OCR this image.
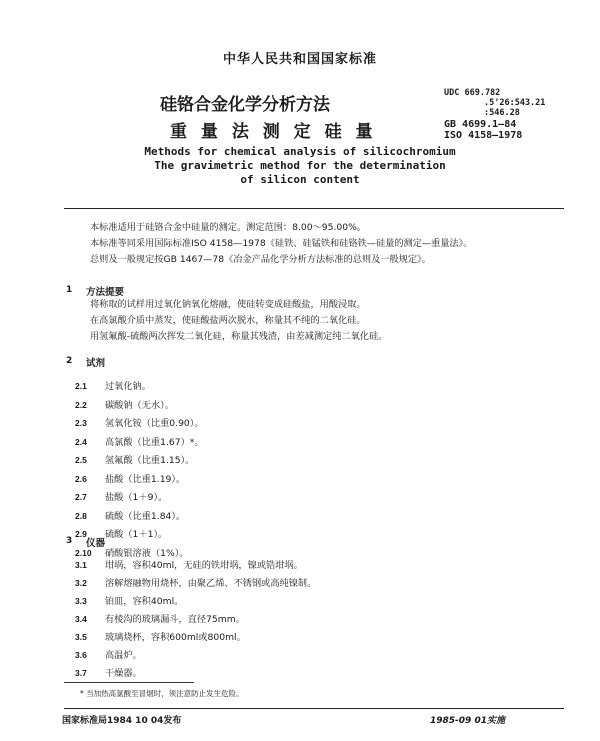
中华人民共和国国家标准
硅铬合金化学分析方法
重 量 法 测 定 硅 量
UDC 669.782
.5'26:543.21
:546.28
GB 4699.1—84
ISO 4158—1978
Methods for chemical analysis of silicochromium
The gravimetric method for the determination
of silicon content
本标准适用于硅铬合金中硅量的测定。测定范围：8.00～95.00%。
本标准等同采用国际标准ISO 4158—1978《硅铁、硅锰铁和硅铬铁—硅量的测定—重量法》。
总则及一般规定按GB 1467—78《冶金产品化学分析方法标准的总则及一般规定》。
1 方法提要
将称取的试样用过氧化钠氧化熔融，使硅转变成硅酸盐，用酸浸取。
在高氯酸介质中蒸发，使硅酸盐两次脱水，称量其不纯的二氧化硅。
用氢氟酸-硫酸两次挥发二氧化硅，称量其残渣，由差减测定纯二氧化硅。
2 试剂
2.1 过氧化钠。
2.2 碳酸钠（无水）。
2.3 氢氧化铵（比重0.90）。
2.4 高氯酸（比重1.67）*。
2.5 氢氟酸（比重1.15）。
2.6 盐酸（比重1.19）。
2.7 盐酸（1＋9）。
2.8 硫酸（比重1.84）。
2.9 硫酸（1＋1）。
2.10 硝酸银溶液（1%）。
3 仪器
3.1 坩埚，容积40ml，无硅的铁坩埚，镍或锆坩埚。
3.2 溶解熔融物用烧杯，由聚乙烯、不锈钢或高纯镍制。
3.3 铂皿，容积40ml。
3.4 有棱沟的玻璃漏斗，直径75mm。
3.5 玻璃烧杯，容积600ml或800ml。
3.6 高温炉。
3.7 干燥器。
* 当加热高氯酸至冒烟时，须注意防止发生危险。
国家标准局1984 10 04发布	1985-09 01实施
